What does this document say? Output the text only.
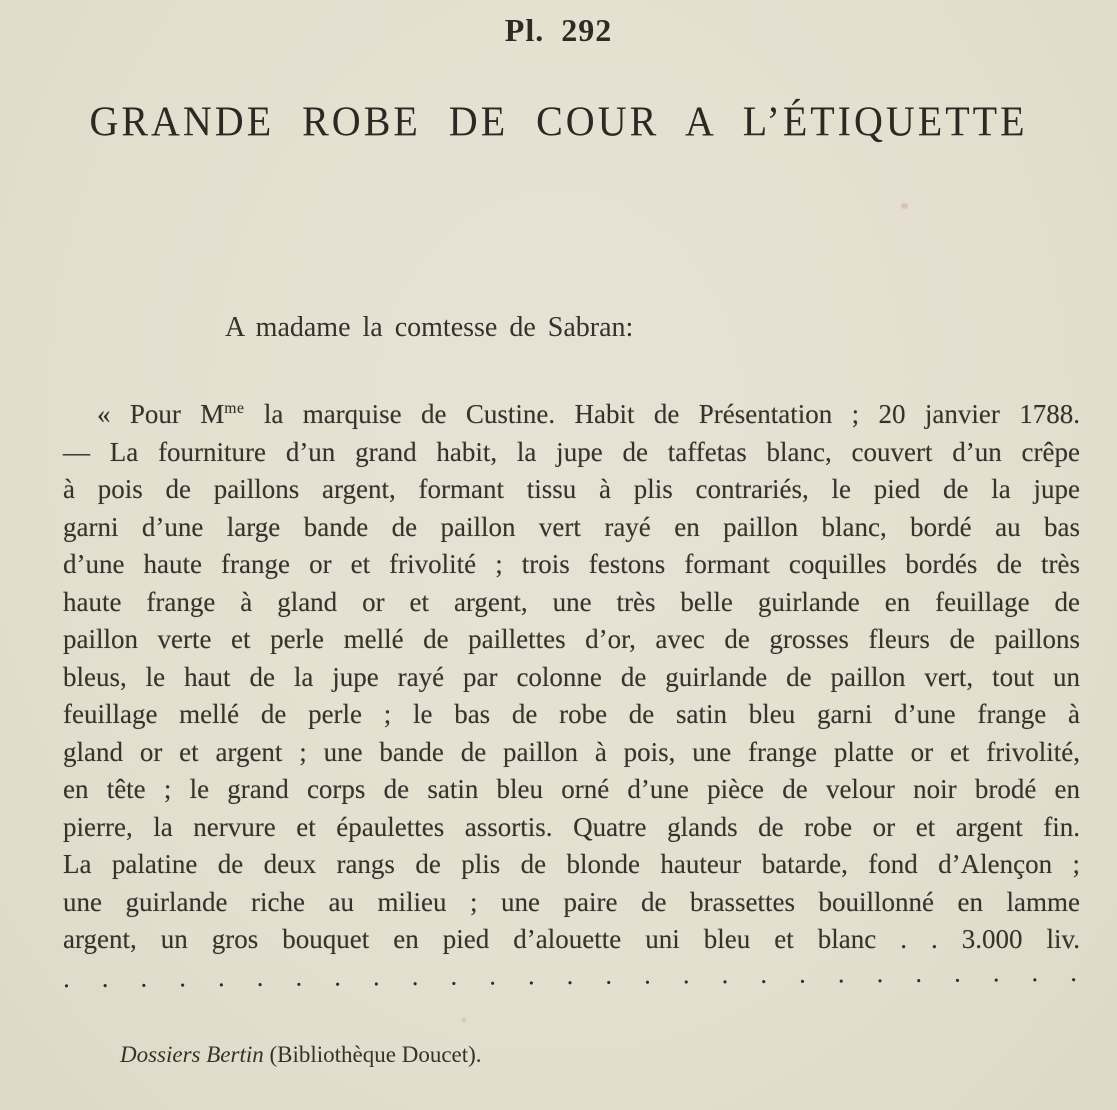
Pl. 292
GRANDE ROBE DE COUR A L’ÉTIQUETTE
A madame la comtesse de Sabran:
« Pour $M^{me}$ la marquise de Custine. Habit de Présentation ; 20 janvier 1788.
— La fourniture d’un grand habit, la jupe de taffetas blanc, couvert d’un crêpe
à pois de paillons argent, formant tissu à plis contrariés, le pied de la jupe
garni d’une large bande de paillon vert rayé en paillon blanc, bordé au bas
d’une haute frange or et frivolité ; trois festons formant coquilles bordés de très
haute frange à gland or et argent, une très belle guirlande en feuillage de
paillon verte et perle mellé de paillettes d’or, avec de grosses fleurs de paillons
bleus, le haut de la jupe rayé par colonne de guirlande de paillon vert, tout un
feuillage mellé de perle ; le bas de robe de satin bleu garni d’une frange à
gland or et argent ; une bande de paillon à pois, une frange platte or et frivolité,
en tête ; le grand corps de satin bleu orné d’une pièce de velour noir brodé en
pierre, la nervure et épaulettes assortis. Quatre glands de robe or et argent fin.
La palatine de deux rangs de plis de blonde hauteur batarde, fond d’Alençon ;
une guirlande riche au milieu ; une paire de brassettes bouillonné en lamme
argent, un gros bouquet en pied d’alouette uni bleu et blanc . . 3.000 liv.
. . . . . . . . . . . . . . . . . . . . . . . . . . .
Dossiers Bertin (Bibliothèque Doucet).
